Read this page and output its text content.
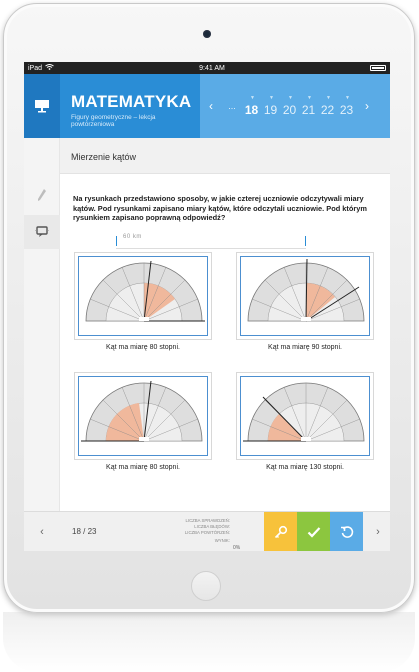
iPad	9:41 AM
MATEMATYKA
Figury geometryczne – lekcja powtórzeniowa
‹	...
▼
18
▼
19
▼
20
▼
21
▼
22
▼
23 ›
Mierzenie kątów
Na rysunkach przedstawiono sposoby, w jakie czterej uczniowie odczytywali miary kątów. Pod rysunkami zapisano miary kątów, które odczytali uczniowie. Pod którym rysunkiem zapisano poprawną odpowiedź?
60 km
Kąt ma miarę 80 stopni.	Kąt ma miarę 90 stopni.
Kąt ma miarę 80 stopni.	Kąt ma miarę 130 stopni.
‹	18 / 23
LICZBA SPRAWDZEŃ:
LICZBA BŁĘDÓW:
LICZBA POWTÓRZEŃ:
WYNIK:
0%
›
